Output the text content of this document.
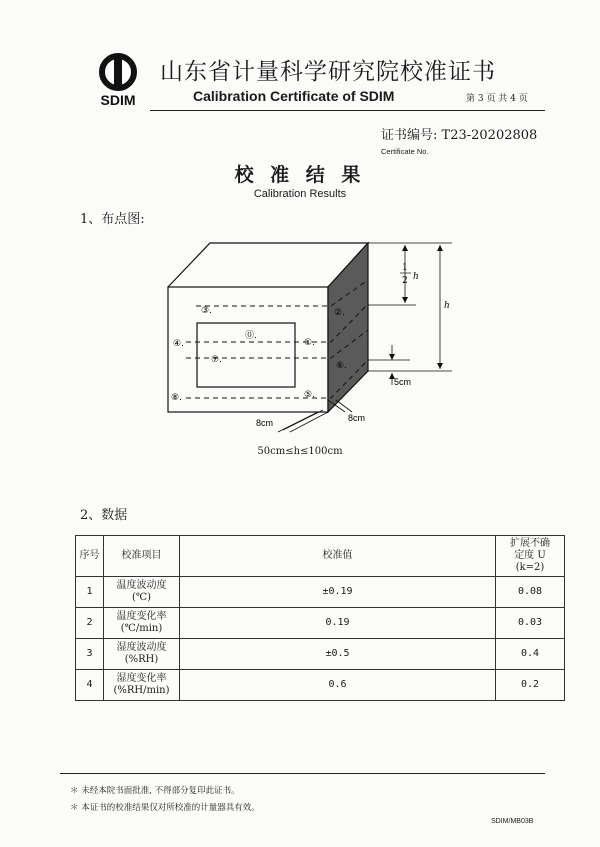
SDIM
山东省计量科学研究院校准证书
Calibration Certificate of SDIM	第 3 页 共 4 页
证书编号: T23-20202808
Certificate No.
校 准 结 果
Calibration Results
1、布点图:
⓪.
①.
②.
③.
④.
⑤.
⑥.
⑦.
⑧.
1
2 h
h
5cm
8cm	8cm
50cm≤h≤100cm
2、数据
序号	校准项目	校准值	扩展不确
定度 U
(k=2)

1	温度波动度
(℃)	±0.19	0.08
2	温度变化率
(℃/min)	0.19	0.03
3	湿度波动度
(%RH)	±0.5	0.4
4	湿度变化率
(%RH/min)	0.6	0.2
＊ 未经本院书面批准, 不得部分复印此证书。
＊ 本证书的校准结果仅对所校准的计量器具有效。
SDIM/MB03B
